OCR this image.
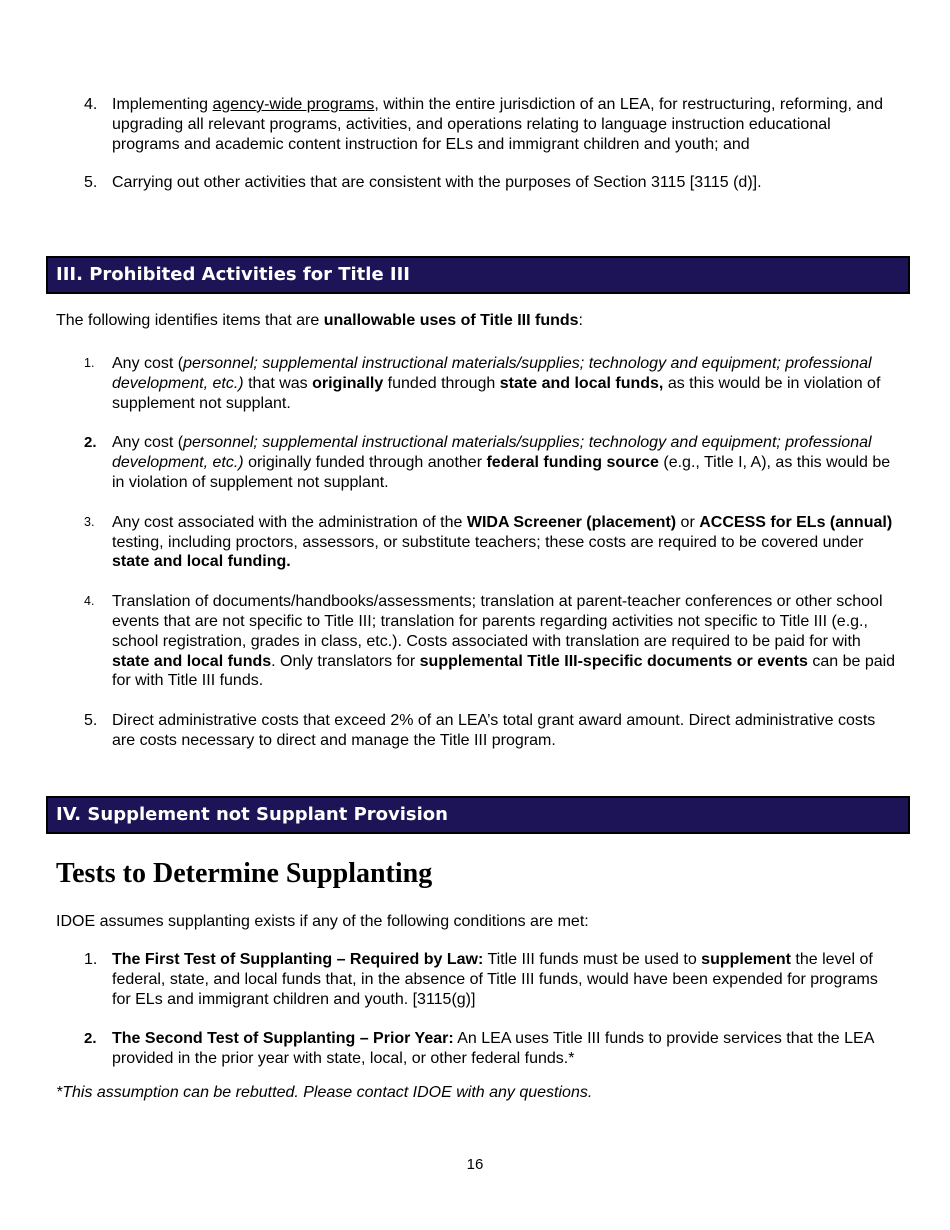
4. Implementing agency-wide programs, within the entire jurisdiction of an LEA, for restructuring, reforming, and upgrading all relevant programs, activities, and operations relating to language instruction educational programs and academic content instruction for ELs and immigrant children and youth; and
5. Carrying out other activities that are consistent with the purposes of Section 3115 [3115 (d)].
III. Prohibited Activities for Title III
The following identifies items that are unallowable uses of Title III funds:
1.	Any cost (personnel; supplemental instructional materials/supplies; technology and equipment; professional development, etc.) that was originally funded through state and local funds, as this would be in violation of supplement not supplant.
2. Any cost (personnel; supplemental instructional materials/supplies; technology and equipment; professional development, etc.) originally funded through another federal funding source (e.g., Title I, A), as this would be in violation of supplement not supplant.
3.	Any cost associated with the administration of the WIDA Screener (placement) or ACCESS for ELs (annual) testing, including proctors, assessors, or substitute teachers; these costs are required to be covered under state and local funding.
4.	Translation of documents/handbooks/assessments; translation at parent-teacher conferences or other school events that are not specific to Title III; translation for parents regarding activities not specific to Title III (e.g., school registration, grades in class, etc.). Costs associated with translation are required to be paid for with state and local funds. Only translators for supplemental Title III-specific documents or events can be paid for with Title III funds.
5. Direct administrative costs that exceed 2% of an LEA’s total grant award amount. Direct administrative costs are costs necessary to direct and manage the Title III program.
IV. Supplement not Supplant Provision
Tests to Determine Supplanting
IDOE assumes supplanting exists if any of the following conditions are met:
1. The First Test of Supplanting – Required by Law: Title III funds must be used to supplement the level of federal, state, and local funds that, in the absence of Title III funds, would have been expended for programs for ELs and immigrant children and youth. [3115(g)]
2. The Second Test of Supplanting – Prior Year: An LEA uses Title III funds to provide services that the LEA provided in the prior year with state, local, or other federal funds.*
*This assumption can be rebutted. Please contact IDOE with any questions.
16
